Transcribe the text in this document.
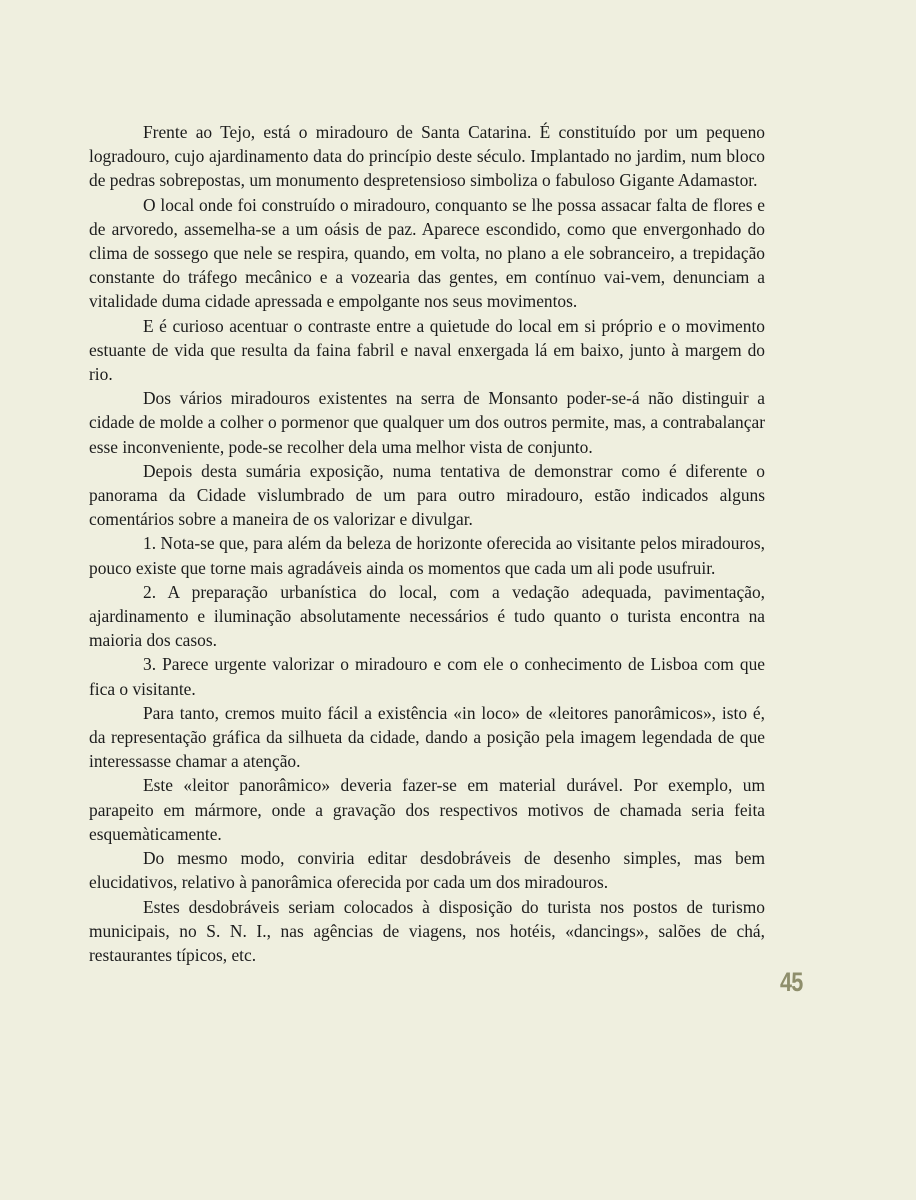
Frente ao Tejo, está o miradouro de Santa Catarina. É constituído por um pequeno logradouro, cujo ajardinamento data do princípio deste século. Implantado no jardim, num bloco de pedras sobrepostas, um monumento despretensioso simboliza o fabuloso Gigante Adamastor.

O local onde foi construído o miradouro, conquanto se lhe possa assacar falta de flores e de arvoredo, assemelha-se a um oásis de paz. Aparece escondido, como que envergonhado do clima de sossego que nele se respira, quando, em volta, no plano a ele sobranceiro, a trepidação constante do tráfego mecânico e a vozearia das gentes, em contínuo vai-vem, denunciam a vitalidade duma cidade apressada e empolgante nos seus movimentos.

E é curioso acentuar o contraste entre a quietude do local em si próprio e o movimento estuante de vida que resulta da faina fabril e naval enxergada lá em baixo, junto à margem do rio.

Dos vários miradouros existentes na serra de Monsanto poder-se-á não distinguir a cidade de molde a colher o pormenor que qualquer um dos outros permite, mas, a contrabalançar esse inconveniente, pode-se recolher dela uma melhor vista de conjunto.

Depois desta sumária exposição, numa tentativa de demonstrar como é diferente o panorama da Cidade vislumbrado de um para outro miradouro, estão indicados alguns comentários sobre a maneira de os valorizar e divulgar.

1. Nota-se que, para além da beleza de horizonte oferecida ao visitante pelos miradouros, pouco existe que torne mais agradáveis ainda os momentos que cada um ali pode usufruir.

2. A preparação urbanística do local, com a vedação adequada, pavimentação, ajardinamento e iluminação absolutamente necessários é tudo quanto o turista encontra na maioria dos casos.

3. Parece urgente valorizar o miradouro e com ele o conhecimento de Lisboa com que fica o visitante.

Para tanto, cremos muito fácil a existência «in loco» de «leitores panorâmicos», isto é, da representação gráfica da silhueta da cidade, dando a posição pela imagem legendada de que interessasse chamar a atenção.

Este «leitor panorâmico» deveria fazer-se em material durável. Por exemplo, um parapeito em mármore, onde a gravação dos respectivos motivos de chamada seria feita esquemàticamente.

Do mesmo modo, conviria editar desdobráveis de desenho simples, mas bem elucidativos, relativo à panorâmica oferecida por cada um dos miradouros.

Estes desdobráveis seriam colocados à disposição do turista nos postos de turismo municipais, no S. N. I., nas agências de viagens, nos hotéis, «dancings», salões de chá, restaurantes típicos, etc.

45
